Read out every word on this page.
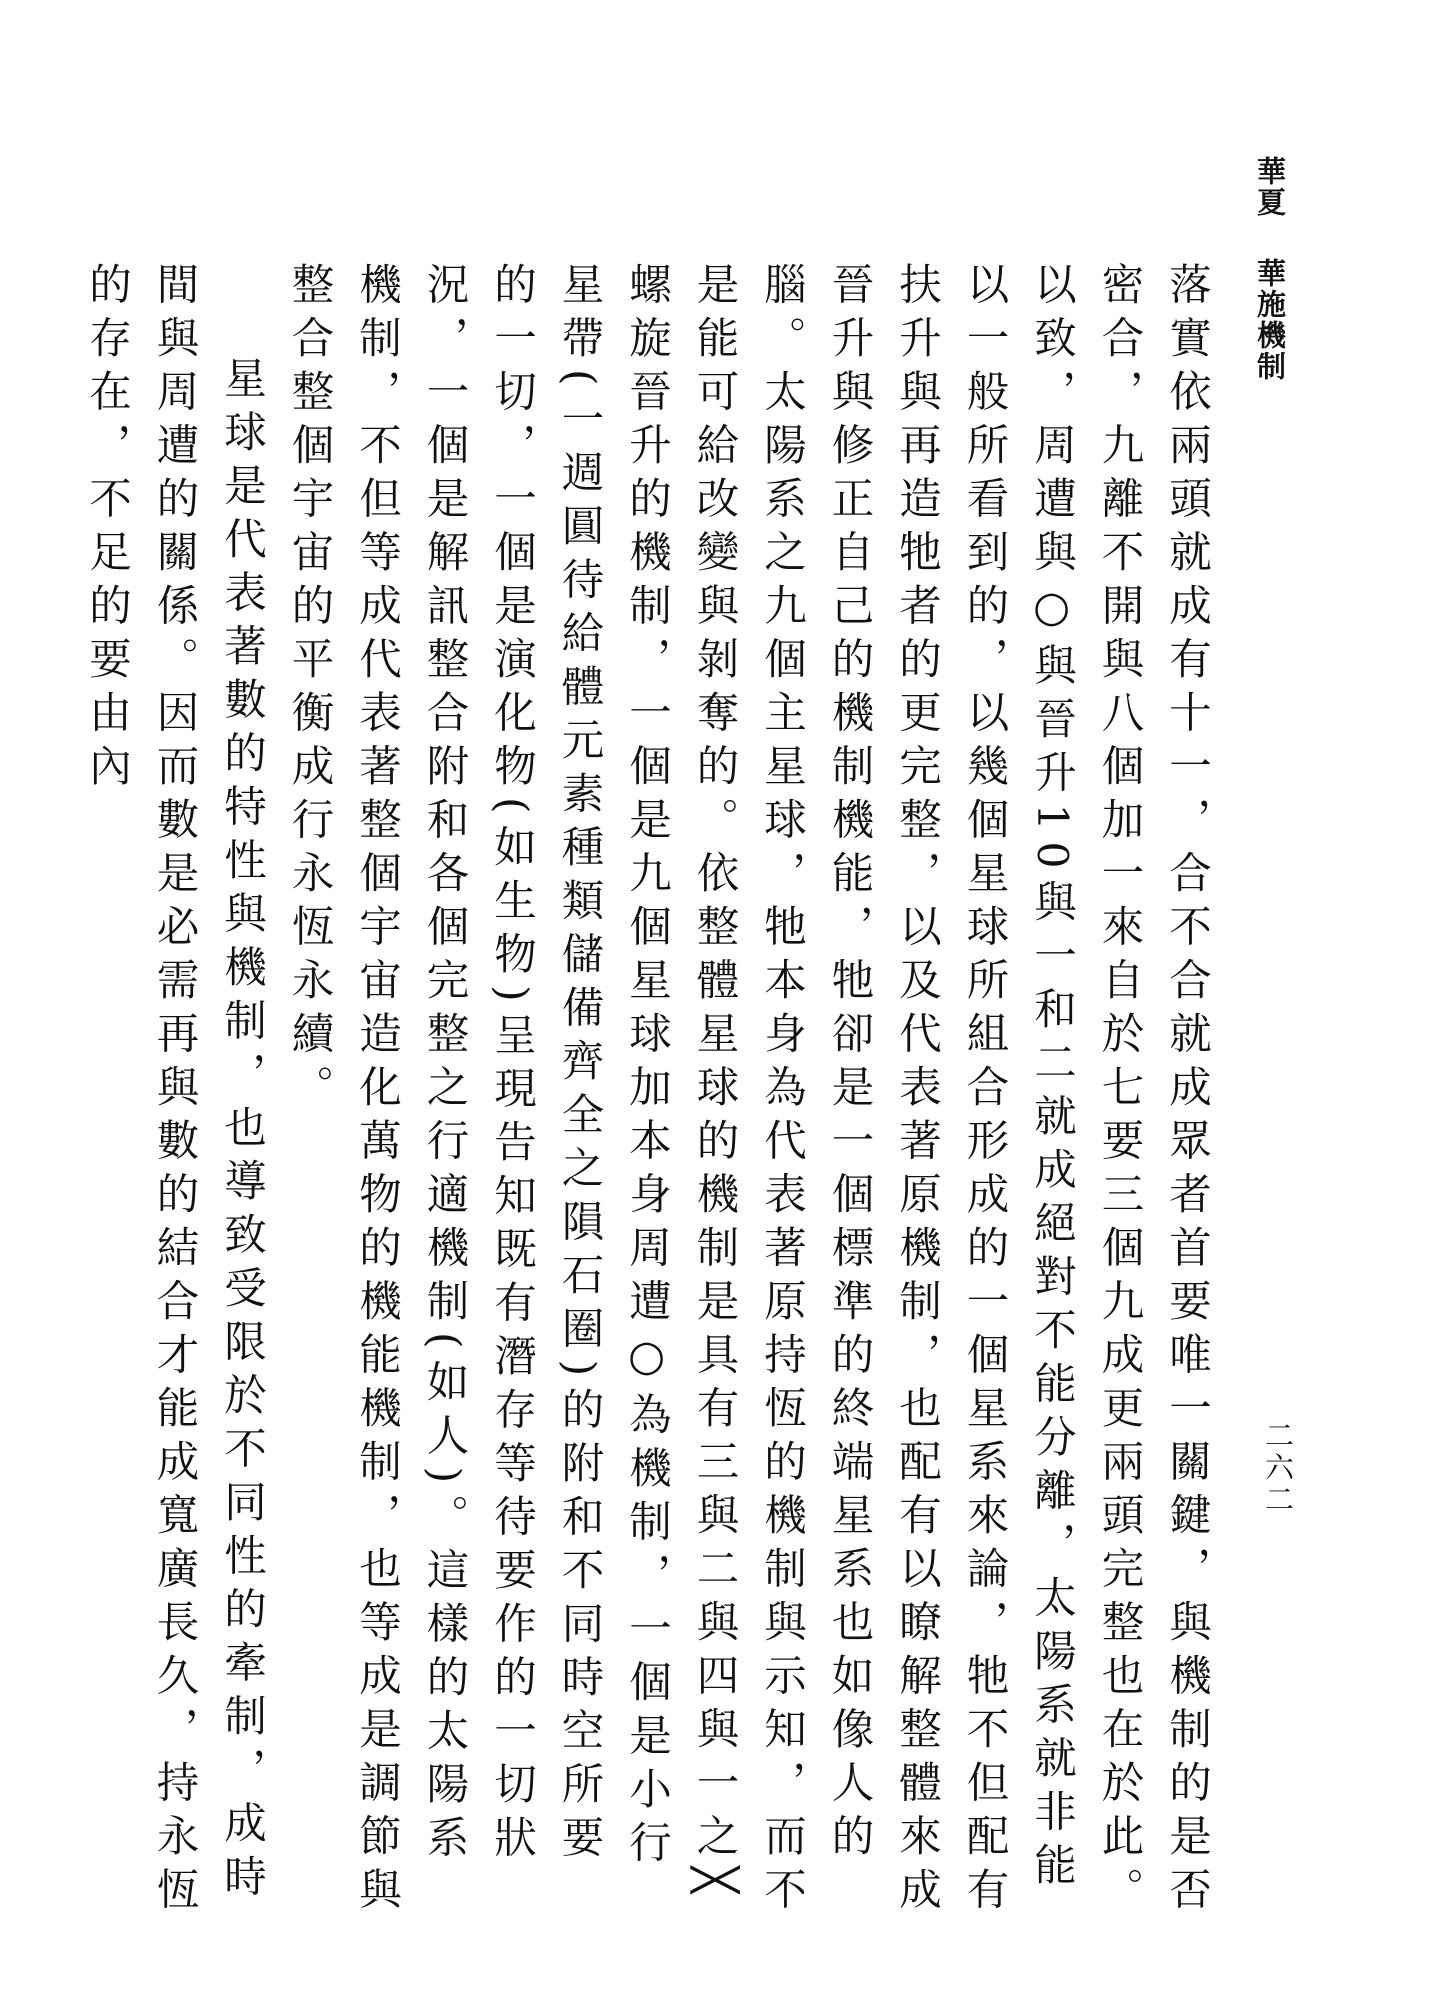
華夏華施機制
二六二

落實依兩頭就成有十一，合不合就成眾者首要唯一關鍵，與機制的是否密合，九離不開與八個加一來自於七要三個九成更兩頭完整也在於此。以致，周遭與○與晉升10與一和二就成絕對不能分離，太陽系就非能以一般所看到的，以幾個星球所組合形成的一個星系來論，牠不但配有扶升與再造牠者的更完整，以及代表著原機制，也配有以瞭解整體來成晉升與修正自己的機制機能，牠卻是一個標準的終端星系也如像人的腦。太陽系之九個主星球，牠本身為代表著原持恆的機制與示知，而不是能可給改變與剝奪的。依整體星球的機制是具有三與二與四與一之╳螺旋晉升的機制，一個是九個星球加本身周遭○為機制，一個是小行星帶(一週圓待給體元素種類儲備齊全之隕石圈)的附和不同時空所要的一切，一個是演化物(如生物)呈現告知既有潛存等待要作的一切狀況，一個是解訊整合附和各個完整之行適機制(如人)。這樣的太陽系機制，不但等成代表著整個宇宙造化萬物的機能機制，也等成是調節與整合整個宇宙的平衡成行永恆永續。

星球是代表著數的特性與機制，也導致受限於不同性的牽制，成時間與周遭的關係。因而數是必需再與數的結合才能成寬廣長久，持永恆的存在，不足的要由內
